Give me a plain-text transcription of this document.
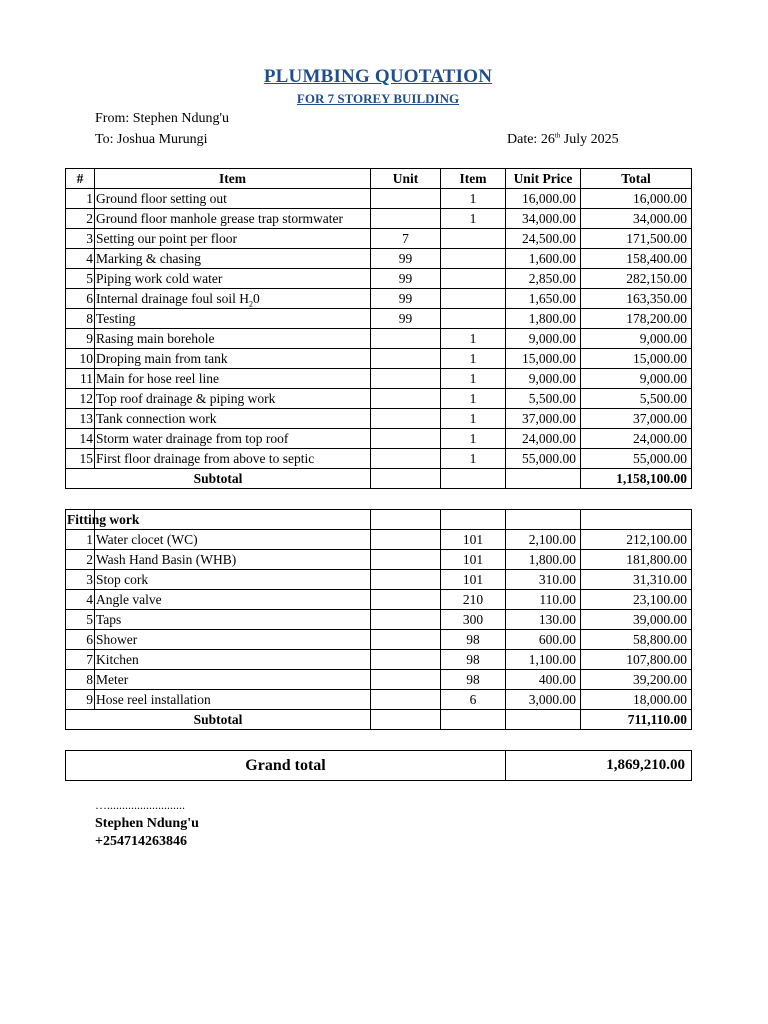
PLUMBING QUOTATION
FOR 7 STOREY BUILDING
From: Stephen Ndung'u
To: Joshua Murungi	Date: 26th July 2025
#	Item	Unit	Item	Unit Price	Total
1	Ground floor setting out		1	16,000.00	16,000.00
2	Ground floor manhole grease trap stormwater		1	34,000.00	34,000.00
3	Setting our point per floor	7		24,500.00	171,500.00
4	Marking & chasing	99		1,600.00	158,400.00
5	Piping work cold water	99		2,850.00	282,150.00
6	Internal drainage foul soil $H_20$	99		1,650.00	163,350.00
8	Testing	99		1,800.00	178,200.00
9	Rasing main borehole		1	9,000.00	9,000.00
10	Droping main from tank		1	15,000.00	15,000.00
11	Main for hose reel line		1	9,000.00	9,000.00
12	Top roof drainage & piping work		1	5,500.00	5,500.00
13	Tank connection work		1	37,000.00	37,000.00
14	Storm water drainage from top roof		1	24,000.00	24,000.00
15	First floor drainage from above to septic		1	55,000.00	55,000.00
Subtotal					1,158,100.00
Fitting work					

1	Water clocet (WC)		101	2,100.00	212,100.00
2	Wash Hand Basin (WHB)		101	1,800.00	181,800.00
3	Stop cork		101	310.00	31,310.00
4	Angle valve		210	110.00	23,100.00
5	Taps		300	130.00	39,000.00
6	Shower		98	600.00	58,800.00
7	Kitchen		98	1,100.00	107,800.00
8	Meter		98	400.00	39,200.00
9	Hose reel installation		6	3,000.00	18,000.00
Subtotal					711,110.00
Grand total	1,869,210.00
…..........................
Stephen Ndung'u
+254714263846
